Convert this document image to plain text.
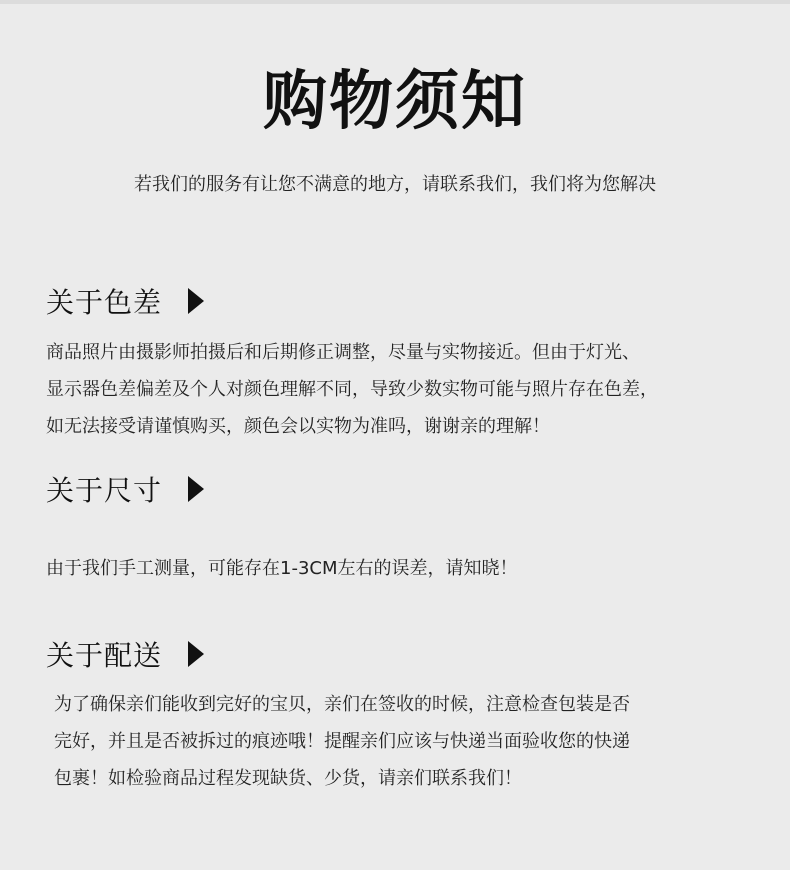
购物须知
若我们的服务有让您不满意的地方，请联系我们，我们将为您解决
关于色差
商品照片由摄影师拍摄后和后期修正调整，尽量与实物接近。但由于灯光、
显示器色差偏差及个人对颜色理解不同，导致少数实物可能与照片存在色差，
如无法接受请谨慎购买，颜色会以实物为准吗，谢谢亲的理解！
关于尺寸
由于我们手工测量，可能存在1-3CM左右的误差，请知晓！
关于配送
为了确保亲们能收到完好的宝贝，亲们在签收的时候，注意检查包装是否
完好，并且是否被拆过的痕迹哦！提醒亲们应该与快递当面验收您的快递
包裹！如检验商品过程发现缺货、少货，请亲们联系我们！
